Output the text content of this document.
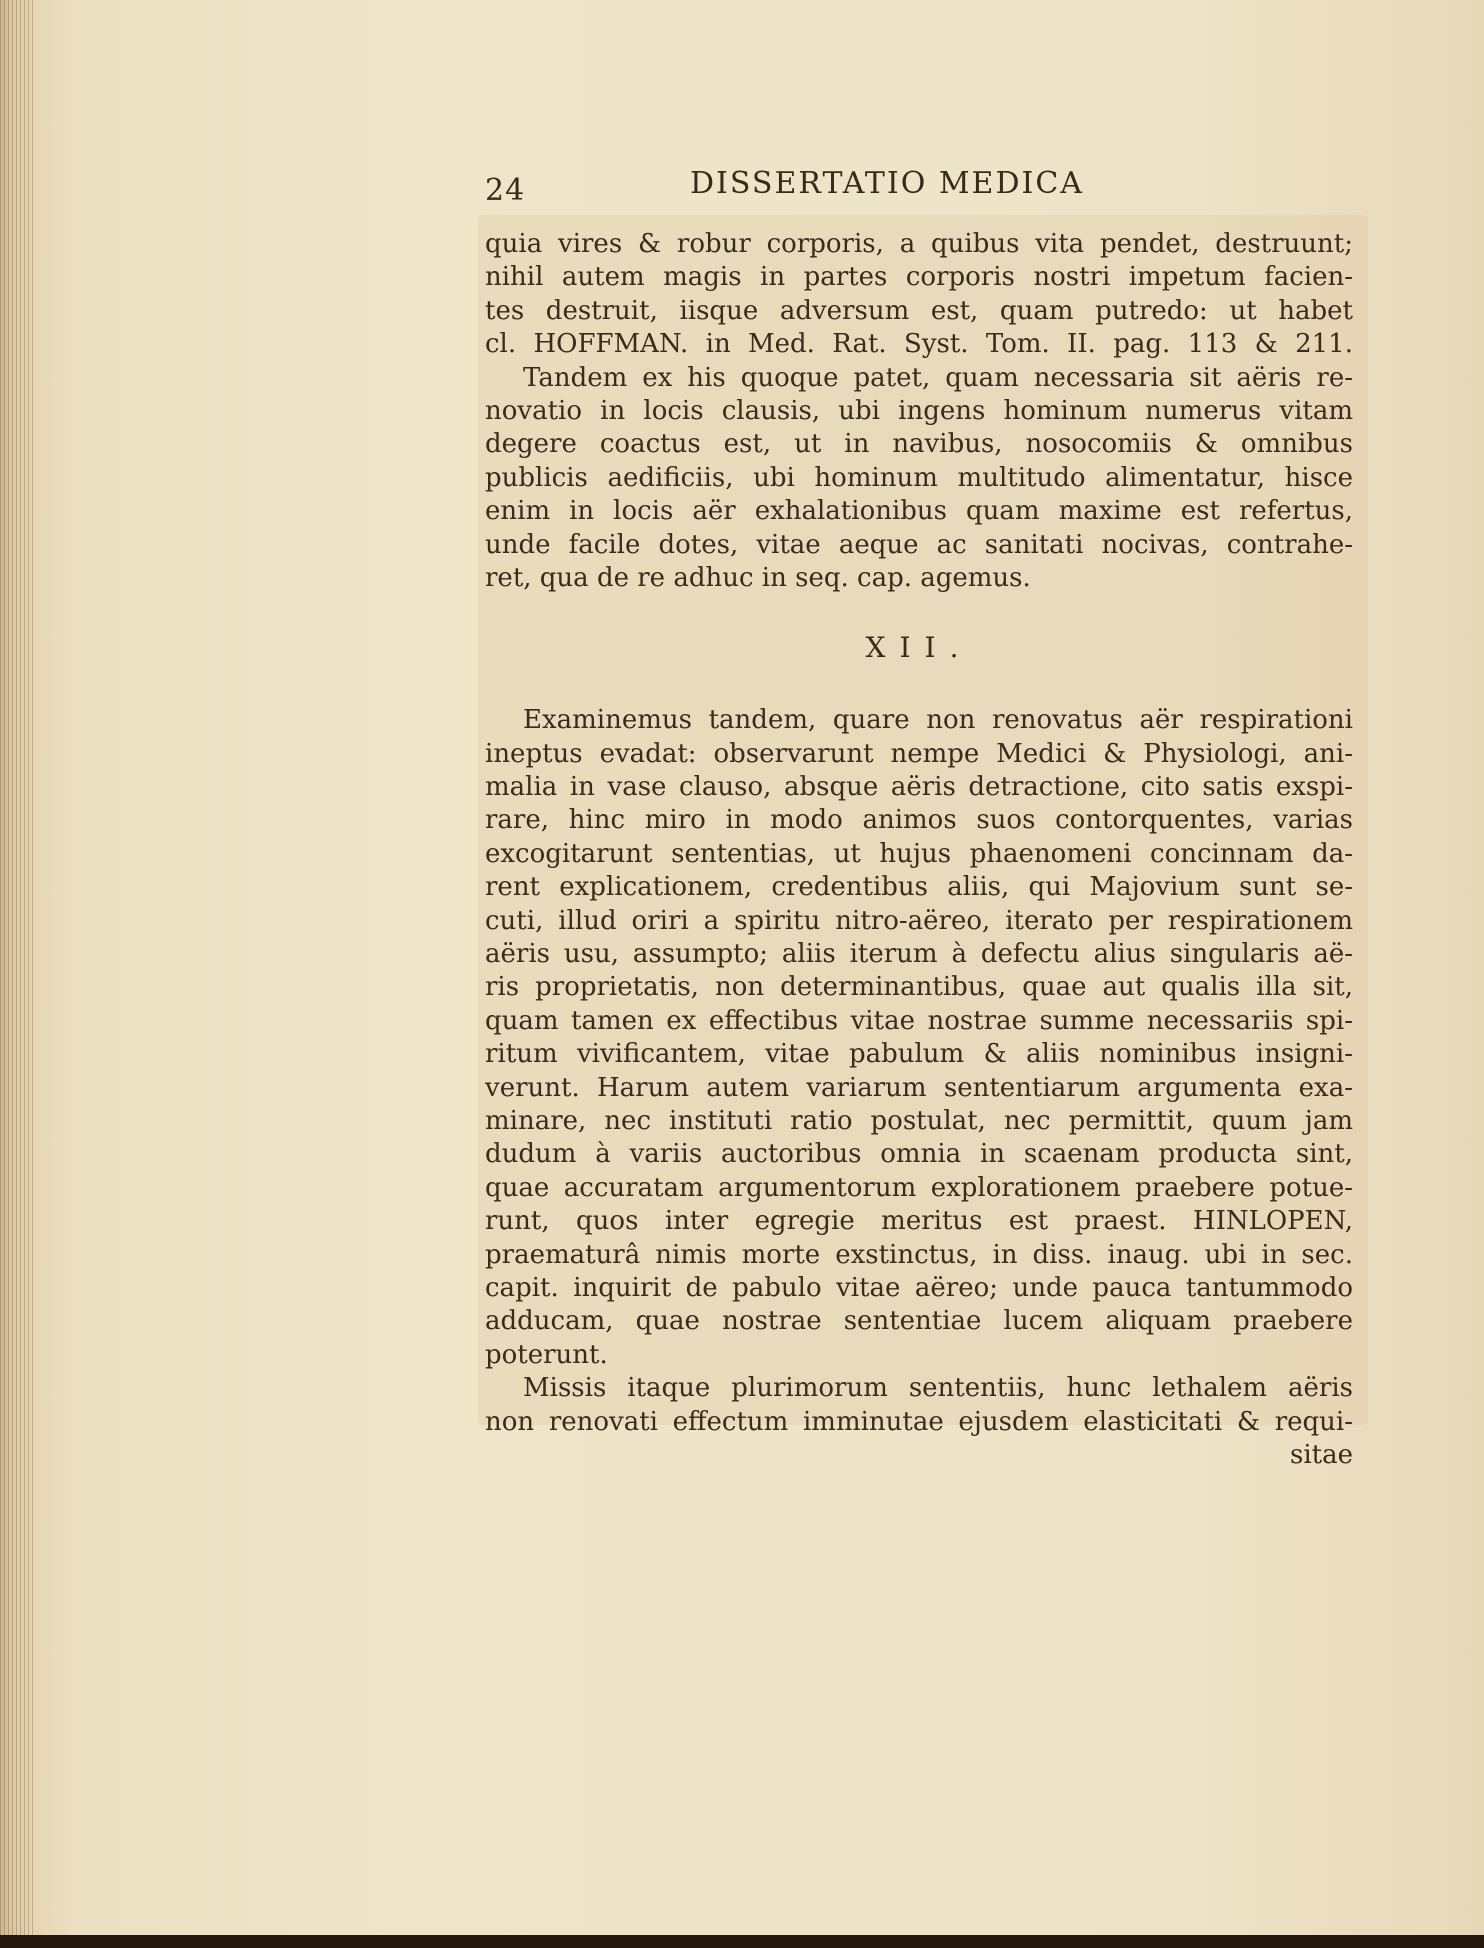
24	DISSERTATIO MEDICA
quia vires & robur corporis, a quibus vita pendet, destruunt;
nihil autem magis in partes corporis nostri impetum facien-
tes destruit, iisque adversum est, quam putredo: ut habet
cl. HOFFMAN. in Med. Rat. Syst. Tom. II. pag. 113 & 211.
Tandem ex his quoque patet, quam necessaria sit aëris re-
novatio in locis clausis, ubi ingens hominum numerus vitam
degere coactus est, ut in navibus, nosocomiis & omnibus
publicis aedificiis, ubi hominum multitudo alimentatur, hisce
enim in locis aër exhalationibus quam maxime est refertus,
unde facile dotes, vitae aeque ac sanitati nocivas, contrahe-
ret, qua de re adhuc in seq. cap. agemus.
XII.
Examinemus tandem, quare non renovatus aër respirationi
ineptus evadat: observarunt nempe Medici & Physiologi, ani-
malia in vase clauso, absque aëris detractione, cito satis exspi-
rare, hinc miro in modo animos suos contorquentes, varias
excogitarunt sententias, ut hujus phaenomeni concinnam da-
rent explicationem, credentibus aliis, qui Majovium sunt se-
cuti, illud oriri a spiritu nitro-aëreo, iterato per respirationem
aëris usu, assumpto; aliis iterum à defectu alius singularis aë-
ris proprietatis, non determinantibus, quae aut qualis illa sit,
quam tamen ex effectibus vitae nostrae summe necessariis spi-
ritum vivificantem, vitae pabulum & aliis nominibus insigni-
verunt. Harum autem variarum sententiarum argumenta exa-
minare, nec instituti ratio postulat, nec permittit, quum jam
dudum à variis auctoribus omnia in scaenam producta sint,
quae accuratam argumentorum explorationem praebere potue-
runt, quos inter egregie meritus est praest. HINLOPEN,
praematurâ nimis morte exstinctus, in diss. inaug. ubi in sec.
capit. inquirit de pabulo vitae aëreo; unde pauca tantummodo
adducam, quae nostrae sententiae lucem aliquam praebere
poterunt.
Missis itaque plurimorum sententiis, hunc lethalem aëris
non renovati effectum imminutae ejusdem elasticitati & requi-
sitae
